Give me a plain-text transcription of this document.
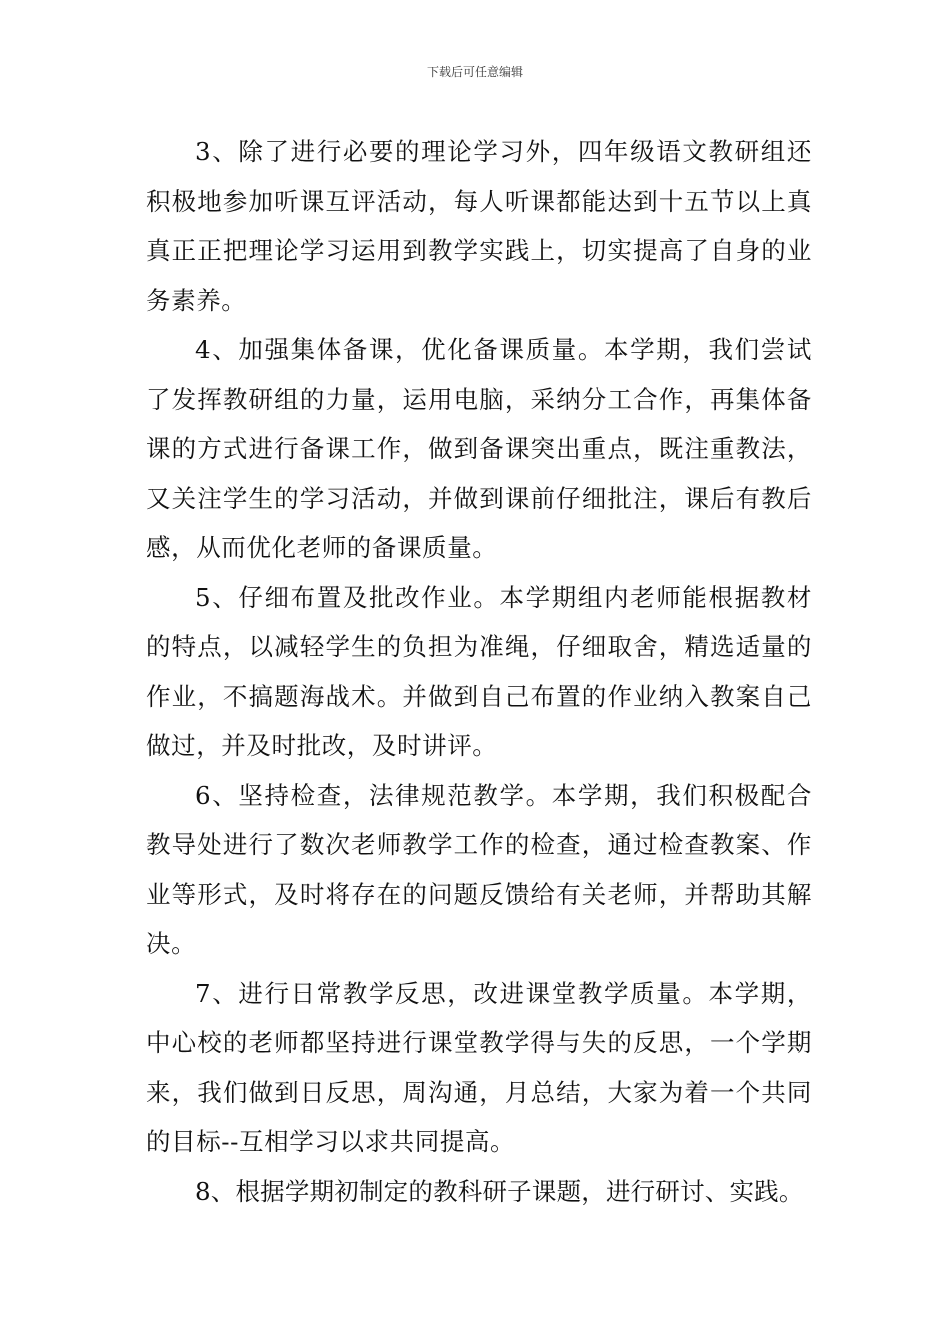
下载后可任意编辑

3、除了进行必要的理论学习外，四年级语文教研组还积极地参加听课互评活动，每人听课都能达到十五节以上真真正正把理论学习运用到教学实践上，切实提高了自身的业务素养。

4、加强集体备课，优化备课质量。本学期，我们尝试了发挥教研组的力量，运用电脑，采纳分工合作，再集体备课的方式进行备课工作，做到备课突出重点，既注重教法，又关注学生的学习活动，并做到课前仔细批注，课后有教后感，从而优化老师的备课质量。

5、仔细布置及批改作业。本学期组内老师能根据教材的特点，以减轻学生的负担为准绳，仔细取舍，精选适量的作业，不搞题海战术。并做到自己布置的作业纳入教案自己做过，并及时批改，及时讲评。

6、坚持检查，法律规范教学。本学期，我们积极配合教导处进行了数次老师教学工作的检查，通过检查教案、作业等形式，及时将存在的问题反馈给有关老师，并帮助其解决。

7、进行日常教学反思，改进课堂教学质量。本学期，中心校的老师都坚持进行课堂教学得与失的反思，一个学期来，我们做到日反思，周沟通，月总结，大家为着一个共同的目标--互相学习以求共同提高。

8、根据学期初制定的教科研子课题，进行研讨、实践。
